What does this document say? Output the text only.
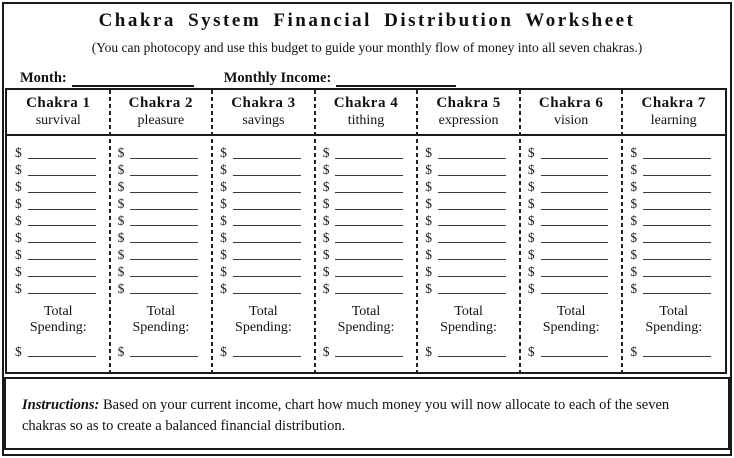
Chakra System Financial Distribution Worksheet
(You can photocopy and use this budget to guide your monthly flow of money into all seven chakras.)
Month:	Monthly Income:
Chakra 1
survival
$
$
$
$
$
$
$
$
$
Total
Spending:
$
Chakra 2
pleasure
$
$
$
$
$
$
$
$
$
Total
Spending:
$
Chakra 3
savings
$
$
$
$
$
$
$
$
$
Total
Spending:
$
Chakra 4
tithing
$
$
$
$
$
$
$
$
$
Total
Spending:
$
Chakra 5
expression
$
$
$
$
$
$
$
$
$
Total
Spending:
$
Chakra 6
vision
$
$
$
$
$
$
$
$
$
Total
Spending:
$
Chakra 7
learning
$
$
$
$
$
$
$
$
$
Total
Spending:
$
Instructions: Based on your current income, chart how much money you will now allocate to each of the seven chakras so as to create a balanced financial distribution.
